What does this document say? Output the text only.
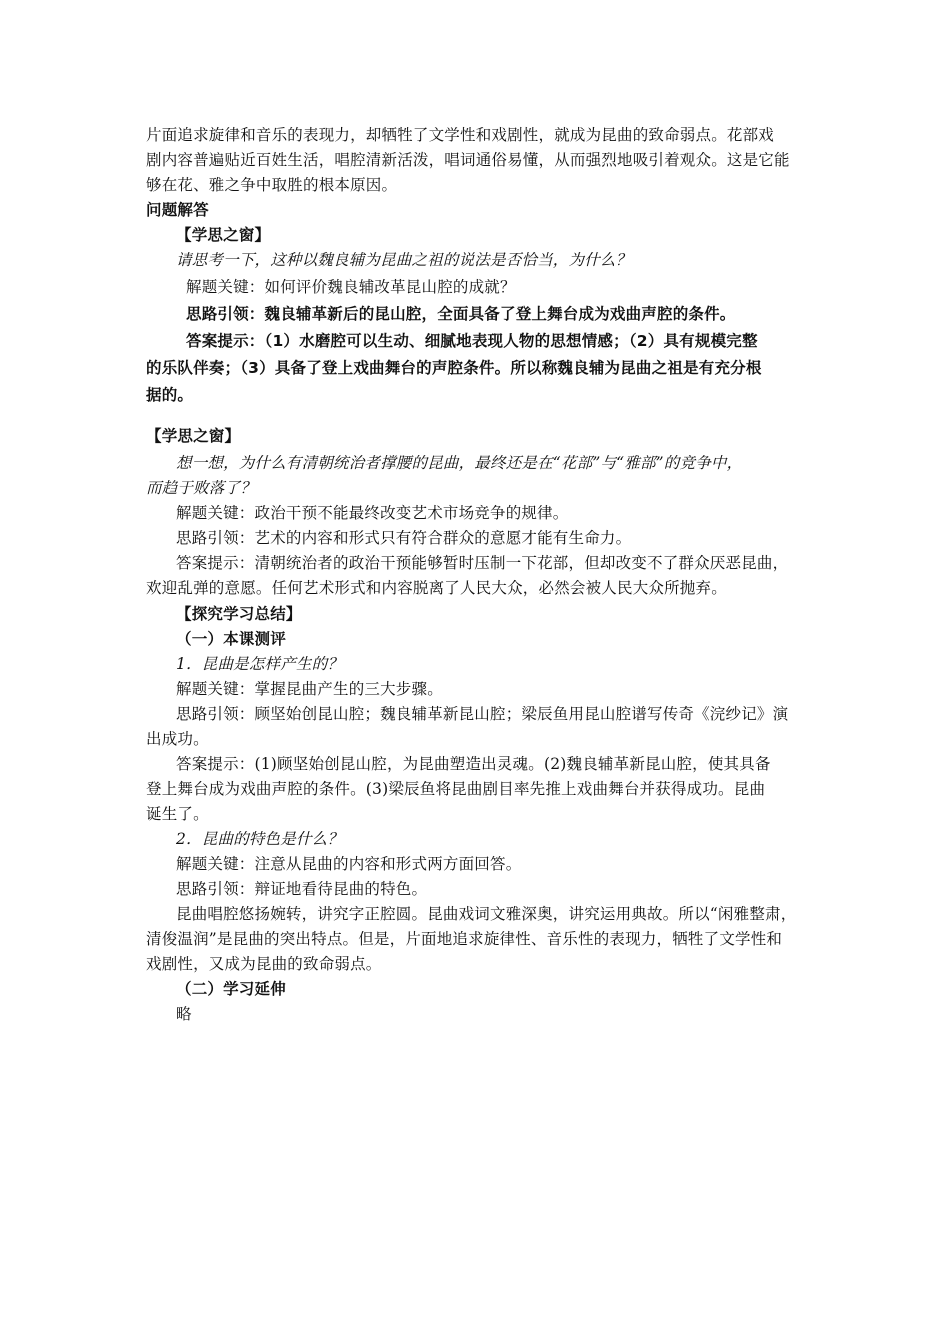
片面追求旋律和音乐的表现力，却牺牲了文学性和戏剧性，就成为昆曲的致命弱点。花部戏
剧内容普遍贴近百姓生活，唱腔清新活泼，唱词通俗易懂，从而强烈地吸引着观众。这是它能
够在花、雅之争中取胜的根本原因。
问题解答
【学思之窗】
请思考一下，这种以魏良辅为昆曲之祖的说法是否恰当，为什么？
解题关键：如何评价魏良辅改革昆山腔的成就？
思路引领：魏良辅革新后的昆山腔，全面具备了登上舞台成为戏曲声腔的条件。
答案提示：（1）水磨腔可以生动、细腻地表现人物的思想情感；（2）具有规模完整
的乐队伴奏；（3）具备了登上戏曲舞台的声腔条件。所以称魏良辅为昆曲之祖是有充分根
据的。
【学思之窗】
想一想，为什么有清朝统治者撑腰的昆曲，最终还是在“花部”与“雅部”的竞争中，
而趋于败落了？
解题关键：政治干预不能最终改变艺术市场竞争的规律。
思路引领：艺术的内容和形式只有符合群众的意愿才能有生命力。
答案提示：清朝统治者的政治干预能够暂时压制一下花部，但却改变不了群众厌恶昆曲，
欢迎乱弹的意愿。任何艺术形式和内容脱离了人民大众，必然会被人民大众所抛弃。
【探究学习总结】
（一）本课测评
1．昆曲是怎样产生的？
解题关键：掌握昆曲产生的三大步骤。
思路引领：顾坚始创昆山腔；魏良辅革新昆山腔；梁辰鱼用昆山腔谱写传奇《浣纱记》演
出成功。
答案提示：(1)顾坚始创昆山腔，为昆曲塑造出灵魂。(2)魏良辅革新昆山腔，使其具备
登上舞台成为戏曲声腔的条件。(3)梁辰鱼将昆曲剧目率先推上戏曲舞台并获得成功。昆曲
诞生了。
2．昆曲的特色是什么？
解题关键：注意从昆曲的内容和形式两方面回答。
思路引领：辩证地看待昆曲的特色。
昆曲唱腔悠扬婉转，讲究字正腔圆。昆曲戏词文雅深奥，讲究运用典故。所以“闲雅整肃，
清俊温润”是昆曲的突出特点。但是，片面地追求旋律性、音乐性的表现力，牺牲了文学性和
戏剧性，又成为昆曲的致命弱点。
（二）学习延伸
略
